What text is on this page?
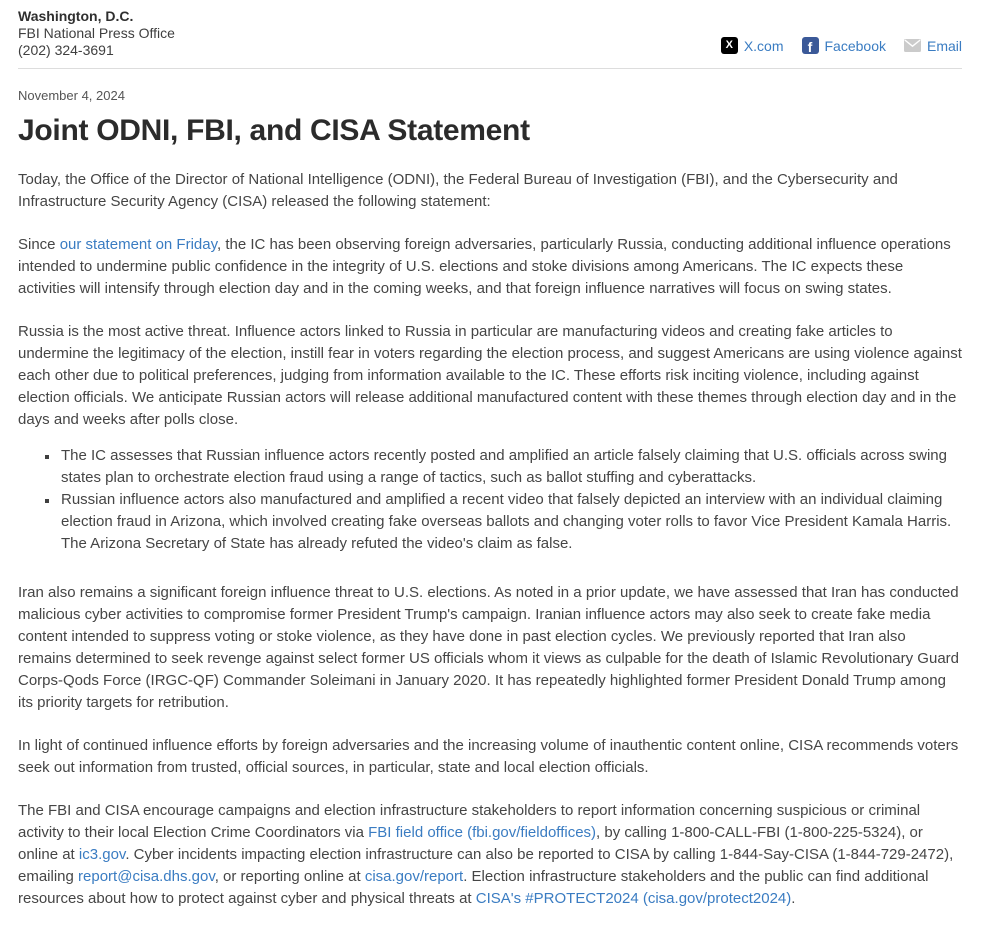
Washington, D.C.
FBI National Press Office
(202) 324-3691	X X.com	f Facebook	Email
November 4, 2024
Joint ODNI, FBI, and CISA Statement

Today, the Office of the Director of National Intelligence (ODNI), the Federal Bureau of Investigation (FBI), and the Cybersecurity and Infrastructure Security Agency (CISA) released the following statement:

Since our statement on Friday, the IC has been observing foreign adversaries, particularly Russia, conducting additional influence operations intended to undermine public confidence in the integrity of U.S. elections and stoke divisions among Americans. The IC expects these activities will intensify through election day and in the coming weeks, and that foreign influence narratives will focus on swing states.

Russia is the most active threat. Influence actors linked to Russia in particular are manufacturing videos and creating fake articles to undermine the legitimacy of the election, instill fear in voters regarding the election process, and suggest Americans are using violence against each other due to political preferences, judging from information available to the IC. These efforts risk inciting violence, including against election officials. We anticipate Russian actors will release additional manufactured content with these themes through election day and in the days and weeks after polls close.

▪ The IC assesses that Russian influence actors recently posted and amplified an article falsely claiming that U.S. officials across swing states plan to orchestrate election fraud using a range of tactics, such as ballot stuffing and cyberattacks.
▪ Russian influence actors also manufactured and amplified a recent video that falsely depicted an interview with an individual claiming election fraud in Arizona, which involved creating fake overseas ballots and changing voter rolls to favor Vice President Kamala Harris. The Arizona Secretary of State has already refuted the video's claim as false.

Iran also remains a significant foreign influence threat to U.S. elections. As noted in a prior update, we have assessed that Iran has conducted malicious cyber activities to compromise former President Trump's campaign. Iranian influence actors may also seek to create fake media content intended to suppress voting or stoke violence, as they have done in past election cycles. We previously reported that Iran also remains determined to seek revenge against select former US officials whom it views as culpable for the death of Islamic Revolutionary Guard Corps-Qods Force (IRGC-QF) Commander Soleimani in January 2020. It has repeatedly highlighted former President Donald Trump among its priority targets for retribution.

In light of continued influence efforts by foreign adversaries and the increasing volume of inauthentic content online, CISA recommends voters seek out information from trusted, official sources, in particular, state and local election officials.

The FBI and CISA encourage campaigns and election infrastructure stakeholders to report information concerning suspicious or criminal activity to their local Election Crime Coordinators via FBI field office (fbi.gov/fieldoffices), by calling 1-800-CALL-FBI (1-800-225-5324), or online at ic3.gov. Cyber incidents impacting election infrastructure can also be reported to CISA by calling 1-844-Say-CISA (1-844-729-2472), emailing report@cisa.dhs.gov, or reporting online at cisa.gov/report. Election infrastructure stakeholders and the public can find additional resources about how to protect against cyber and physical threats at CISA's #PROTECT2024 (cisa.gov/protect2024).
